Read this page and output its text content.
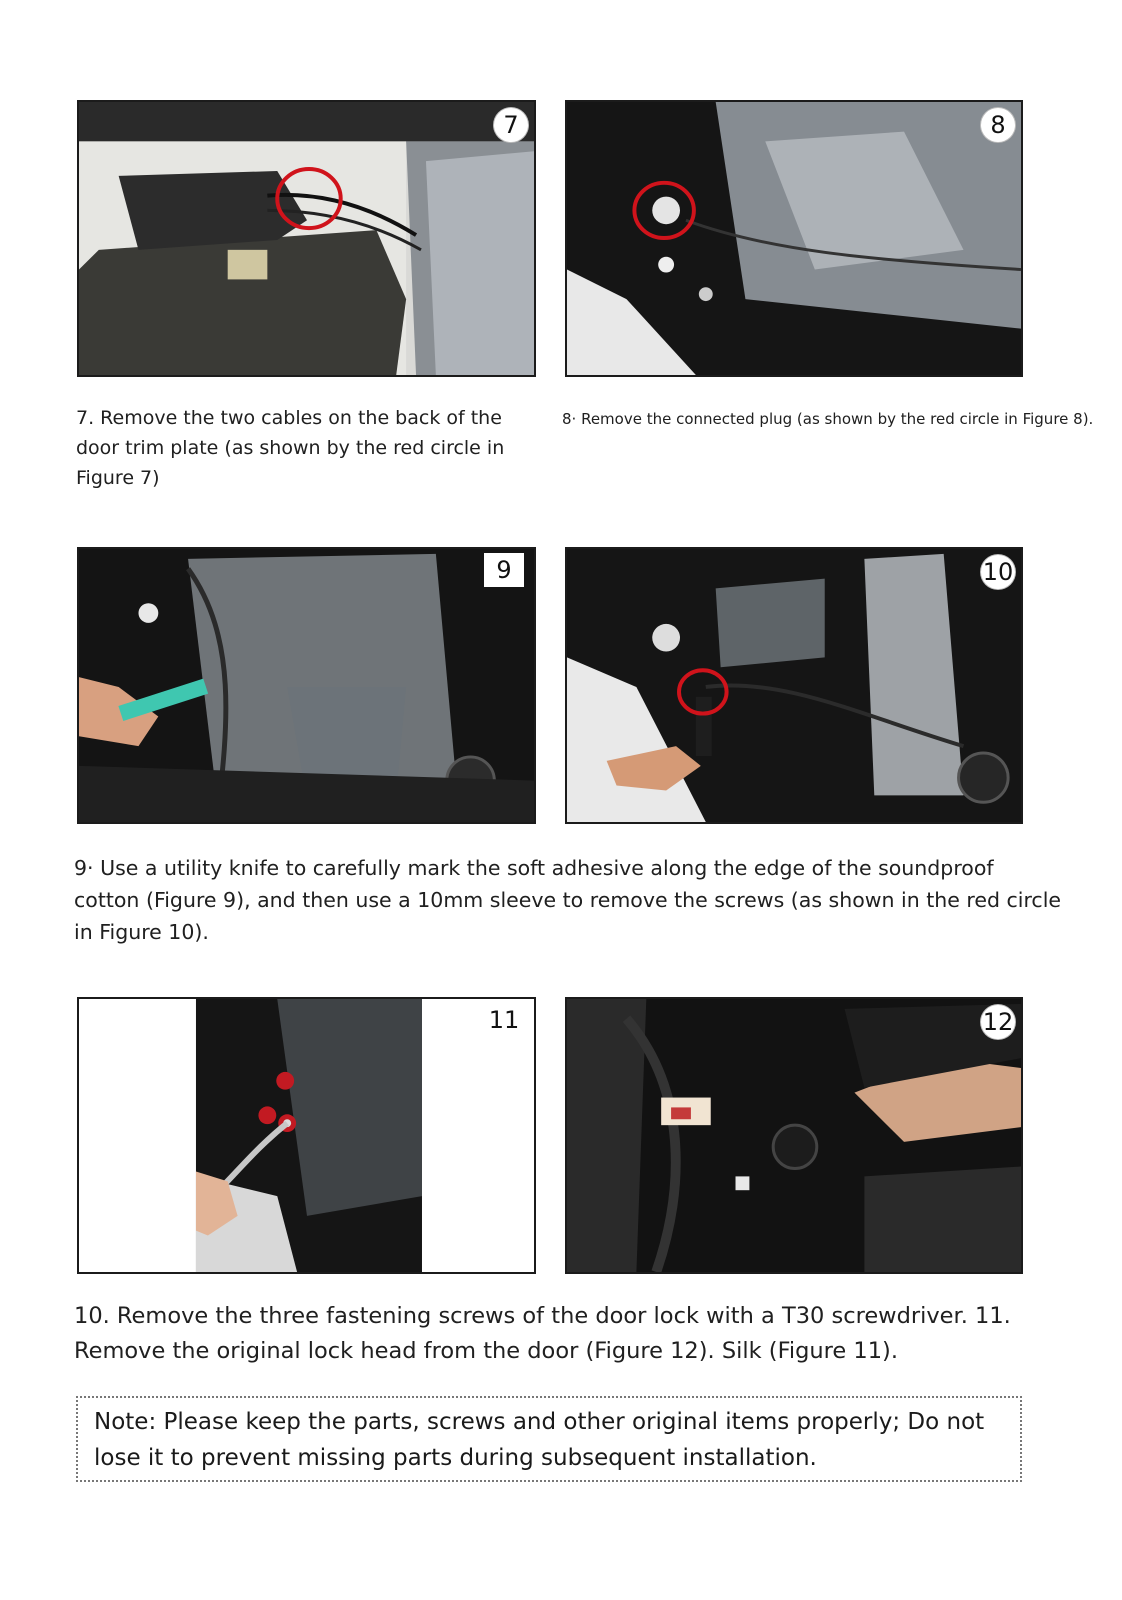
7	8

7. Remove the two cables on the back of the door trim plate (as shown by the red circle in Figure 7)

8· Remove the connected plug (as shown by the red circle in Figure 8).

9	10

9· Use a utility knife to carefully mark the soft adhesive along the edge of the soundproof cotton (Figure 9), and then use a 10mm sleeve to remove the screws (as shown in the red circle in Figure 10).

11	12

10. Remove the three fastening screws of the door lock with a T30 screwdriver. 11. Remove the original lock head from the door (Figure 12). Silk (Figure 11).

Note: Please keep the parts, screws and other original items properly; Do not lose it to prevent missing parts during subsequent installation.
